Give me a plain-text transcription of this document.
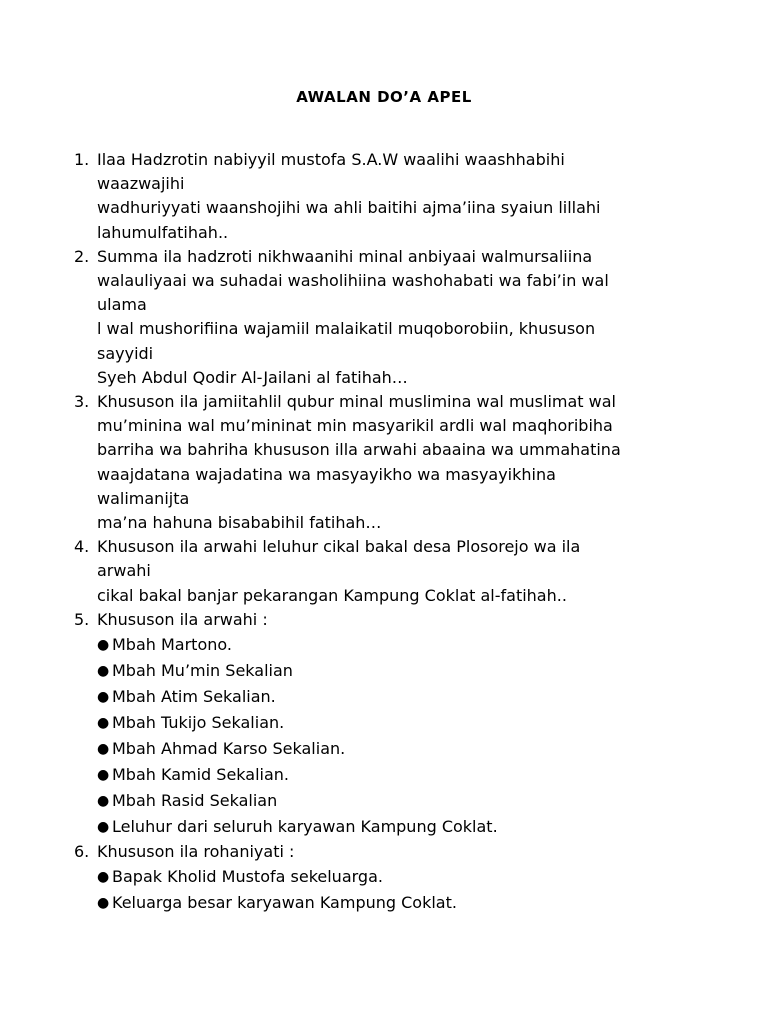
AWALAN DO’A APEL
1. Ilaa Hadzrotin nabiyyil mustofa S.A.W waalihi waashhabihi
waazwajihi
wadhuriyyati waanshojihi wa ahli baitihi ajma’iina syaiun lillahi
lahumulfatihah..
2. Summa ila hadzroti nikhwaanihi minal anbiyaai walmursaliina
walauliyaai wa suhadai washolihiina washohabati wa fabi’in wal
ulama
l wal mushorifiina wajamiil malaikatil muqoborobiin, khususon
sayyidi
Syeh Abdul Qodir Al-Jailani al fatihah…
3. Khususon ila jamiitahlil qubur minal muslimina wal muslimat wal
mu’minina wal mu’mininat min masyarikil ardli wal maqhoribiha
barriha wa bahriha khususon illa arwahi abaaina wa ummahatina
waajdatana wajadatina wa masyayikho wa masyayikhina
walimanijta
ma’na hahuna bisababihil fatihah…
4. Khususon ila arwahi leluhur cikal bakal desa Plosorejo wa ila
arwahi
cikal bakal banjar pekarangan Kampung Coklat al-fatihah..
5. Khususon ila arwahi :
● Mbah Martono.
● Mbah Mu’min Sekalian
● Mbah Atim Sekalian.
● Mbah Tukijo Sekalian.
● Mbah Ahmad Karso Sekalian.
● Mbah Kamid Sekalian.
● Mbah Rasid Sekalian
● Leluhur dari seluruh karyawan Kampung Coklat.
6. Khususon ila rohaniyati :
● Bapak Kholid Mustofa sekeluarga.
● Keluarga besar karyawan Kampung Coklat.
